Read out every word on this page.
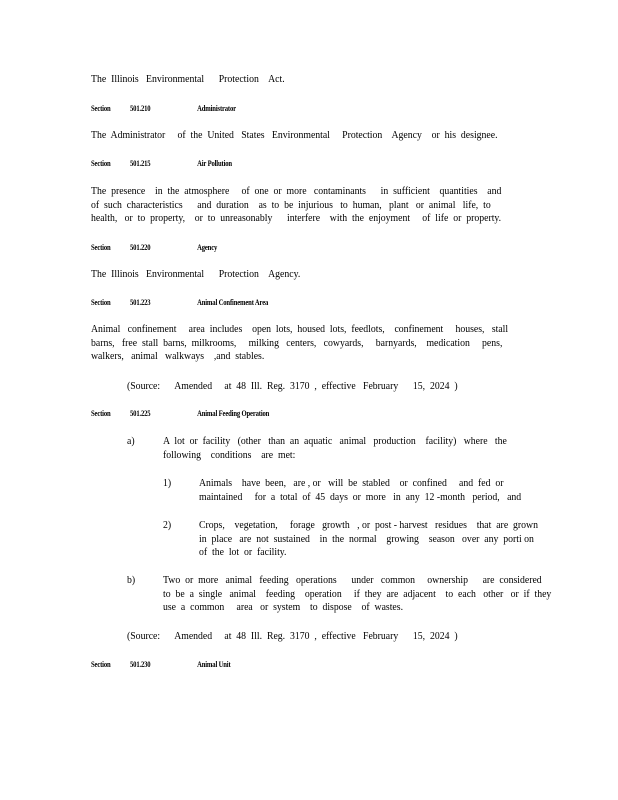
The  Illinois   Environmental      Protection    Act.
Section 501.210	Administrator
The  Administrator     of  the  United   States   Environmental     Protection    Agency    or  his  designee.
Section 501.215	Air Pollution
The  presence    in  the  atmosphere     of  one  or  more   contaminants      in  sufficient    quantities    and
of  such  characteristics      and  duration    as  to  be  injurious   to  human,   plant   or  animal   life,  to
health,   or  to  property,    or  to  unreasonably      interfere    with  the  enjoyment     of  life  or  property.
Section 501.220	Agency
The  Illinois   Environmental      Protection    Agency.
Section 501.223	Animal Confinement Area
Animal   confinement     area  includes    open  lots,  housed  lots,  feedlots,    confinement     houses,   stall
barns,   free  stall  barns,  milkrooms,     milking   centers,   cowyards,     barnyards,    medication     pens,
walkers,   animal   walkways    ,and  stables.
(Source:      Amended     at  48  Ill.  Reg.  3170  ,  effective   February      15,  2024  )
Section 501.225	Animal Feeding Operation
a)	A  lot  or  facility   (other   than  an  aquatic   animal   production    facility)   where   the
following    conditions    are  met:
1)	Animals    have  been,   are , or   will  be  stabled    or  confined     and  fed  or
maintained     for  a  total  of  45  days  or  more   in  any  12 -month   period,   and
2)	Crops,    vegetation,     forage   growth   , or  post - harvest   residues    that  are  grown
in  place   are  not  sustained    in  the  normal    growing    season   over  any  porti on
of  the  lot  or  facility.
b)	Two  or  more   animal   feeding   operations      under   common     ownership      are  considered
to  be  a  single   animal    feeding    operation     if  they  are  adjacent    to  each   other   or  if  they
use  a  common     area   or  system    to  dispose    of  wastes.
(Source:      Amended     at  48  Ill.  Reg.  3170  ,  effective   February      15,  2024  )
Section 501.230	Animal Unit
